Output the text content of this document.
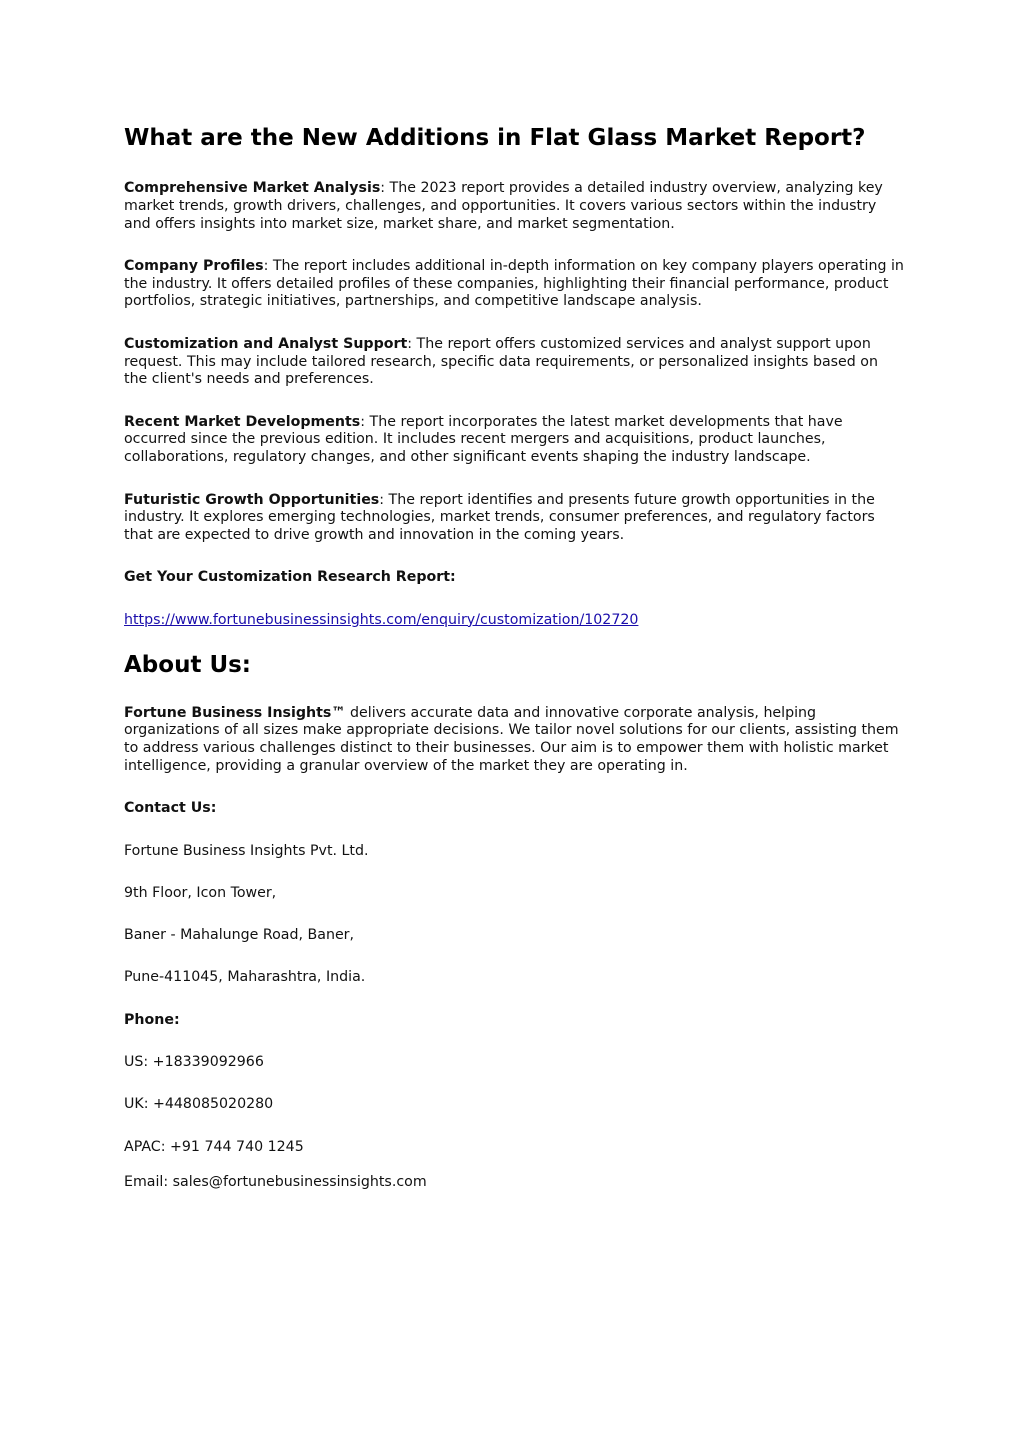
What are the New Additions in Flat Glass Market Report?

Comprehensive Market Analysis: The 2023 report provides a detailed industry overview, analyzing key market trends, growth drivers, challenges, and opportunities. It covers various sectors within the industry and offers insights into market size, market share, and market segmentation.

Company Profiles: The report includes additional in-depth information on key company players operating in the industry. It offers detailed profiles of these companies, highlighting their financial performance, product portfolios, strategic initiatives, partnerships, and competitive landscape analysis.

Customization and Analyst Support: The report offers customized services and analyst support upon request. This may include tailored research, specific data requirements, or personalized insights based on the client's needs and preferences.

Recent Market Developments: The report incorporates the latest market developments that have occurred since the previous edition. It includes recent mergers and acquisitions, product launches, collaborations, regulatory changes, and other significant events shaping the industry landscape.

Futuristic Growth Opportunities: The report identifies and presents future growth opportunities in the industry. It explores emerging technologies, market trends, consumer preferences, and regulatory factors that are expected to drive growth and innovation in the coming years.

Get Your Customization Research Report:

https://www.fortunebusinessinsights.com/enquiry/customization/102720

About Us:

Fortune Business Insights™ delivers accurate data and innovative corporate analysis, helping organizations of all sizes make appropriate decisions. We tailor novel solutions for our clients, assisting them to address various challenges distinct to their businesses. Our aim is to empower them with holistic market intelligence, providing a granular overview of the market they are operating in.

Contact Us:

Fortune Business Insights Pvt. Ltd.

9th Floor, Icon Tower,

Baner - Mahalunge Road, Baner,

Pune-411045, Maharashtra, India.

Phone:

US: +18339092966

UK: +448085020280

APAC: +91 744 740 1245

Email: sales@fortunebusinessinsights.com
